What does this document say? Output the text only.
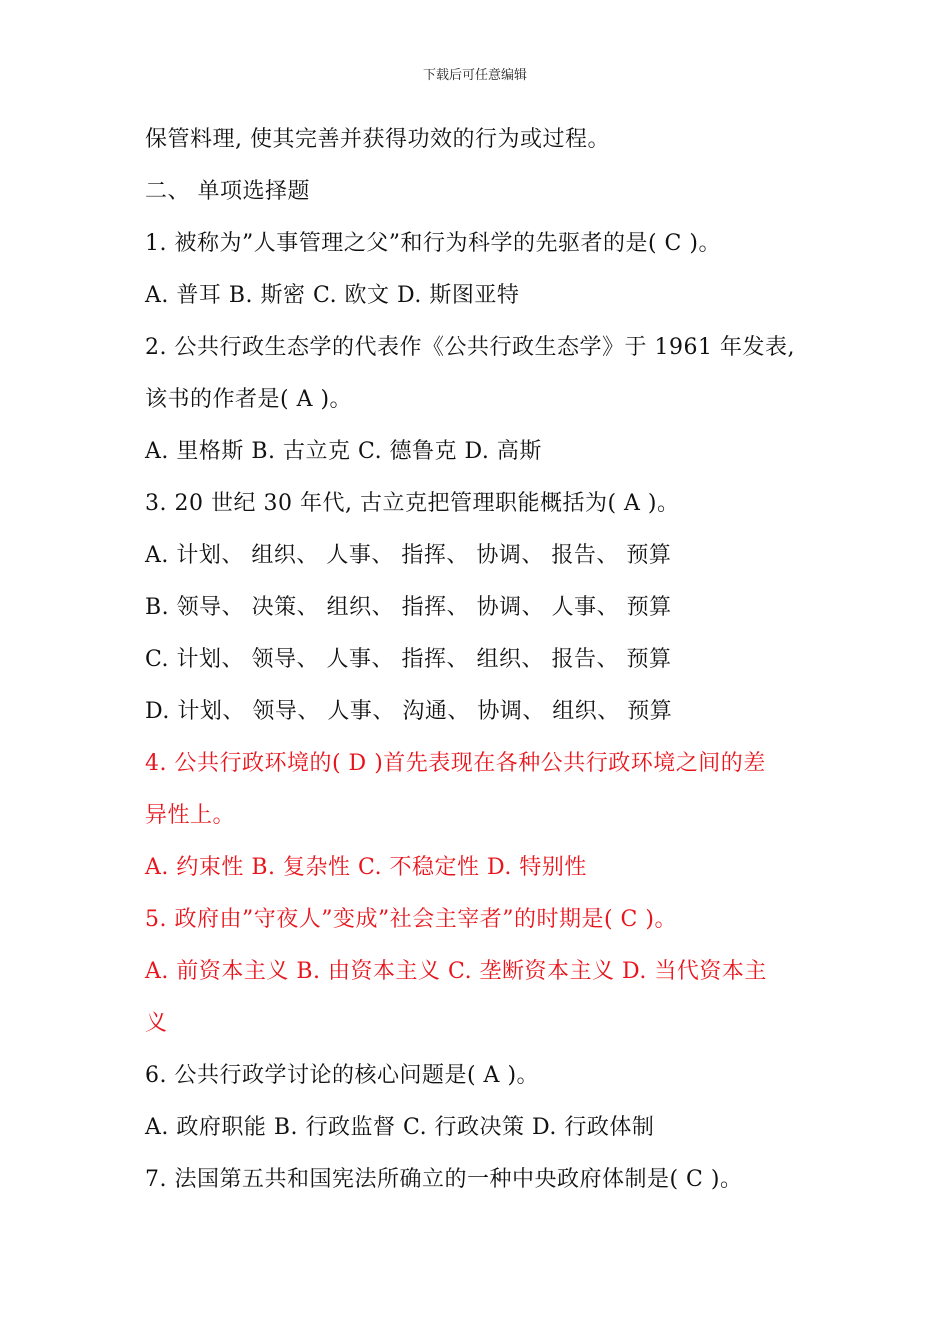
下载后可任意编辑
保管料理, 使其完善并获得功效的行为或过程。
二、 单项选择题
1. 被称为”人事管理之父”和行为科学的先驱者的是( C )。
A. 普耳 B. 斯密 C. 欧文 D. 斯图亚特
2. 公共行政生态学的代表作《公共行政生态学》于 1961 年发表,
该书的作者是( A )。
A. 里格斯 B. 古立克 C. 德鲁克 D. 高斯
3. 20 世纪 30 年代, 古立克把管理职能概括为( A )。
A. 计划、 组织、 人事、 指挥、 协调、 报告、 预算
B. 领导、 决策、 组织、 指挥、 协调、 人事、 预算
C. 计划、 领导、 人事、 指挥、 组织、 报告、 预算
D. 计划、 领导、 人事、 沟通、 协调、 组织、 预算
4. 公共行政环境的( D )首先表现在各种公共行政环境之间的差
异性上。
A. 约束性 B. 复杂性 C. 不稳定性 D. 特别性
5. 政府由”守夜人”变成”社会主宰者”的时期是( C )。
A. 前资本主义 B. 由资本主义 C. 垄断资本主义 D. 当代资本主
义
6. 公共行政学讨论的核心问题是( A )。
A. 政府职能 B. 行政监督 C. 行政决策 D. 行政体制
7. 法国第五共和国宪法所确立的一种中央政府体制是( C )。
